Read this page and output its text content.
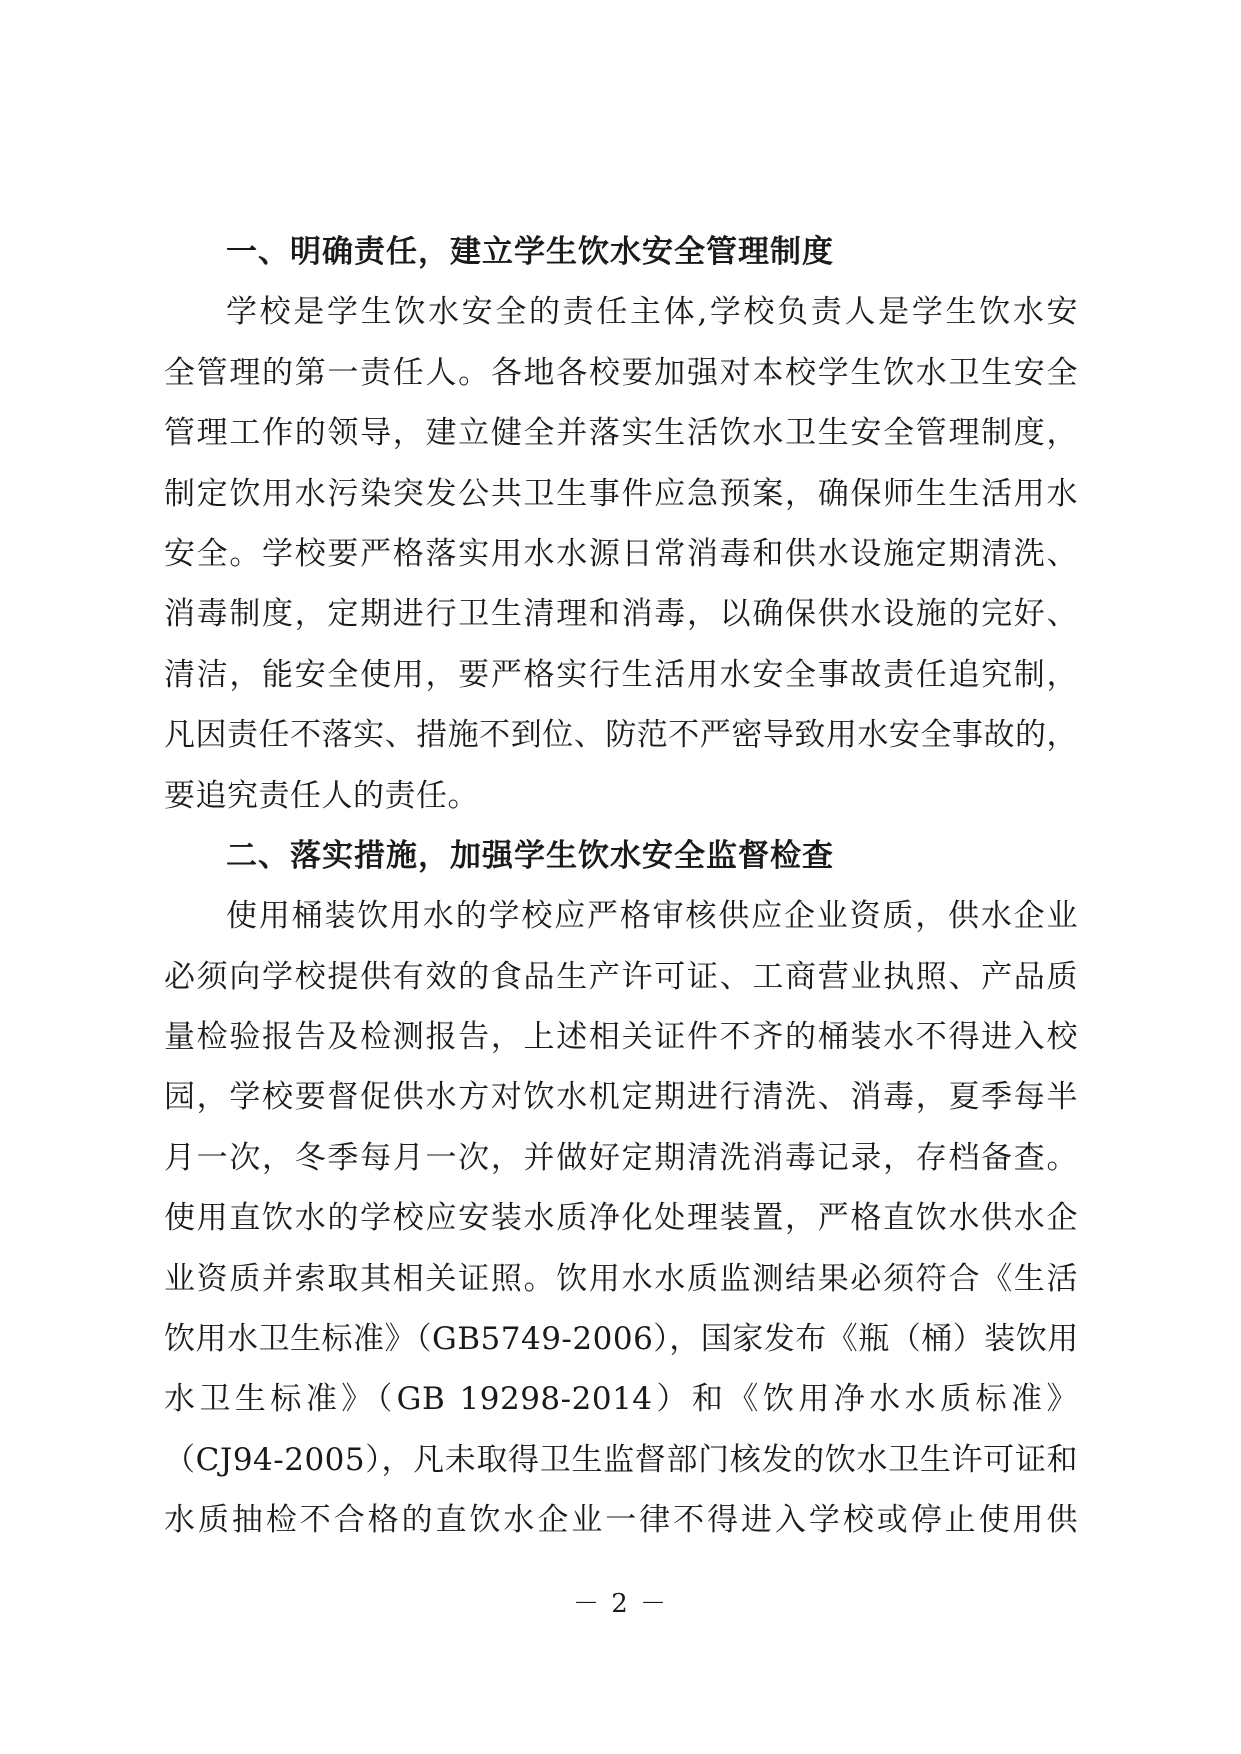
一、明确责任，建立学生饮水安全管理制度
学校是学生饮水安全的责任主体,学校负责人是学生饮水安
全管理的第一责任人。各地各校要加强对本校学生饮水卫生安全
管理工作的领导，建立健全并落实生活饮水卫生安全管理制度，
制定饮用水污染突发公共卫生事件应急预案，确保师生生活用水
安全。学校要严格落实用水水源日常消毒和供水设施定期清洗、
消毒制度，定期进行卫生清理和消毒，以确保供水设施的完好、
清洁，能安全使用，要严格实行生活用水安全事故责任追究制，
凡因责任不落实、措施不到位、防范不严密导致用水安全事故的，
要追究责任人的责任。
二、落实措施，加强学生饮水安全监督检查
使用桶装饮用水的学校应严格审核供应企业资质，供水企业
必须向学校提供有效的食品生产许可证、工商营业执照、产品质
量检验报告及检测报告，上述相关证件不齐的桶装水不得进入校
园，学校要督促供水方对饮水机定期进行清洗、消毒，夏季每半
月一次，冬季每月一次，并做好定期清洗消毒记录，存档备查。
使用直饮水的学校应安装水质净化处理装置，严格直饮水供水企
业资质并索取其相关证照。饮用水水质监测结果必须符合《生活
饮用水卫生标准》（GB5749-2006），国家发布《瓶（桶）装饮用
水卫生标准》（GB 19298-2014）和《饮用净水水质标准》
（CJ94-2005），凡未取得卫生监督部门核发的饮水卫生许可证和
水质抽检不合格的直饮水企业一律不得进入学校或停止使用供
－ 2 －
